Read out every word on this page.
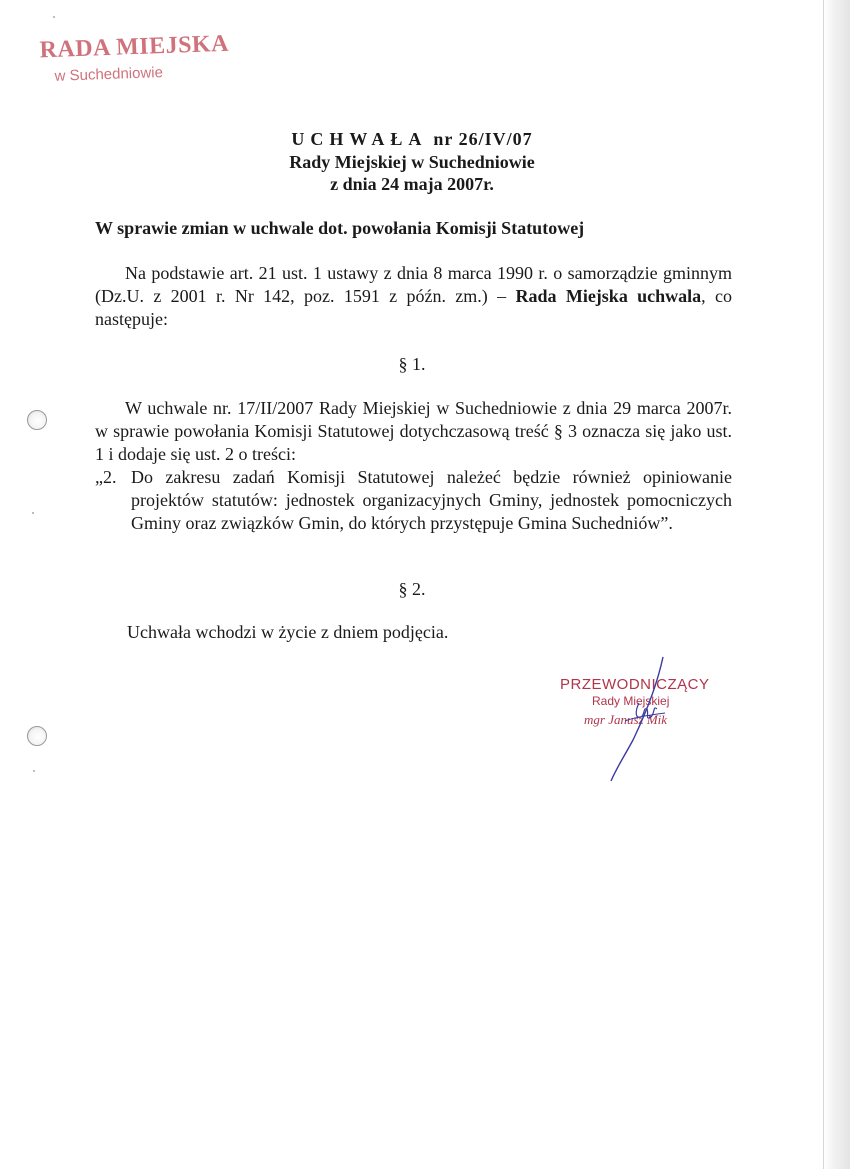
RADA MIEJSKA
w Suchedniowie
UCHWAŁA nr 26/IV/07
Rady Miejskiej w Suchedniowie
z dnia 24 maja 2007r.
W sprawie zmian w uchwale dot. powołania Komisji Statutowej
Na podstawie art. 21 ust. 1 ustawy z dnia 8 marca 1990 r. o samorządzie gminnym (Dz.U. z 2001 r. Nr 142, poz. 1591 z późn. zm.) – Rada Miejska uchwala, co następuje:
§ 1.
W uchwale nr. 17/II/2007 Rady Miejskiej w Suchedniowie z dnia 29 marca 2007r. w sprawie powołania Komisji Statutowej dotychczasową treść § 3 oznacza się jako ust. 1 i dodaje się ust. 2 o treści:
„2. Do zakresu zadań Komisji Statutowej należeć będzie również opiniowanie projektów statutów: jednostek organizacyjnych Gminy, jednostek pomocniczych Gminy oraz związków Gmin, do których przystępuje Gmina Suchedniów”.
§ 2.
Uchwała wchodzi w życie z dniem podjęcia.
PRZEWODNICZĄCY
Rady Miejskiej
mgr Janusz Mik
